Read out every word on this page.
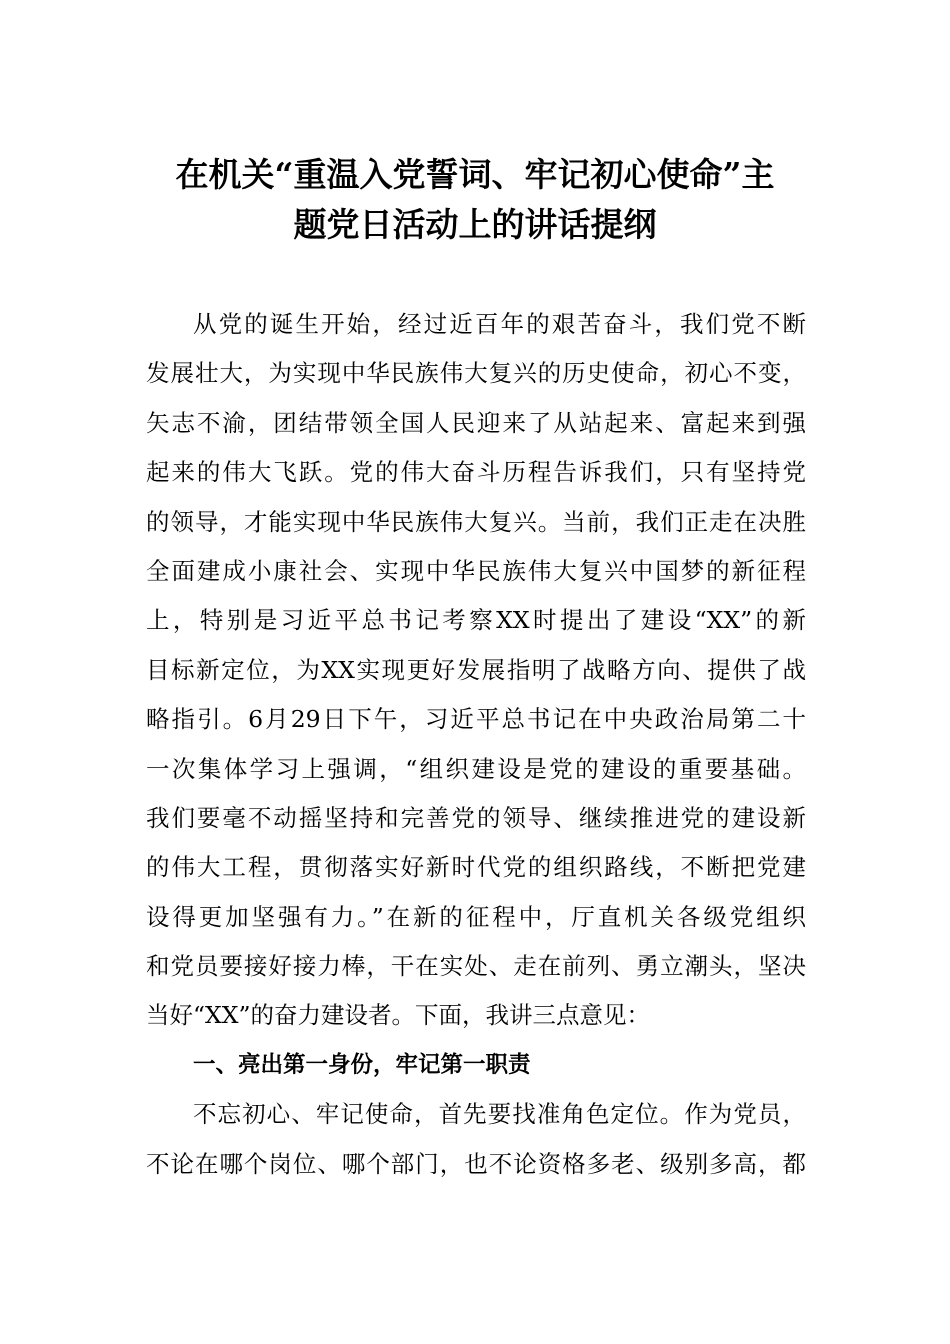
在机关“重温入党誓词、牢记初心使命”主
题党日活动上的讲话提纲
从党的诞生开始，经过近百年的艰苦奋斗，我们党不断
发展壮大，为实现中华民族伟大复兴的历史使命，初心不变，
矢志不渝，团结带领全国人民迎来了从站起来、富起来到强
起来的伟大飞跃。党的伟大奋斗历程告诉我们，只有坚持党
的领导，才能实现中华民族伟大复兴。当前，我们正走在决胜
全面建成小康社会、实现中华民族伟大复兴中国梦的新征程
上，特别是习近平总书记考察XX时提出了建设“XX”的新
目标新定位，为XX实现更好发展指明了战略方向、提供了战
略指引。6月29日下午，习近平总书记在中央政治局第二十
一次集体学习上强调，“组织建设是党的建设的重要基础。
我们要毫不动摇坚持和完善党的领导、继续推进党的建设新
的伟大工程，贯彻落实好新时代党的组织路线，不断把党建
设得更加坚强有力。”在新的征程中，厅直机关各级党组织
和党员要接好接力棒，干在实处、走在前列、勇立潮头，坚决
当好“XX”的奋力建设者。下面，我讲三点意见：
一、亮出第一身份，牢记第一职责
不忘初心、牢记使命，首先要找准角色定位。作为党员，
不论在哪个岗位、哪个部门，也不论资格多老、级别多高，都
